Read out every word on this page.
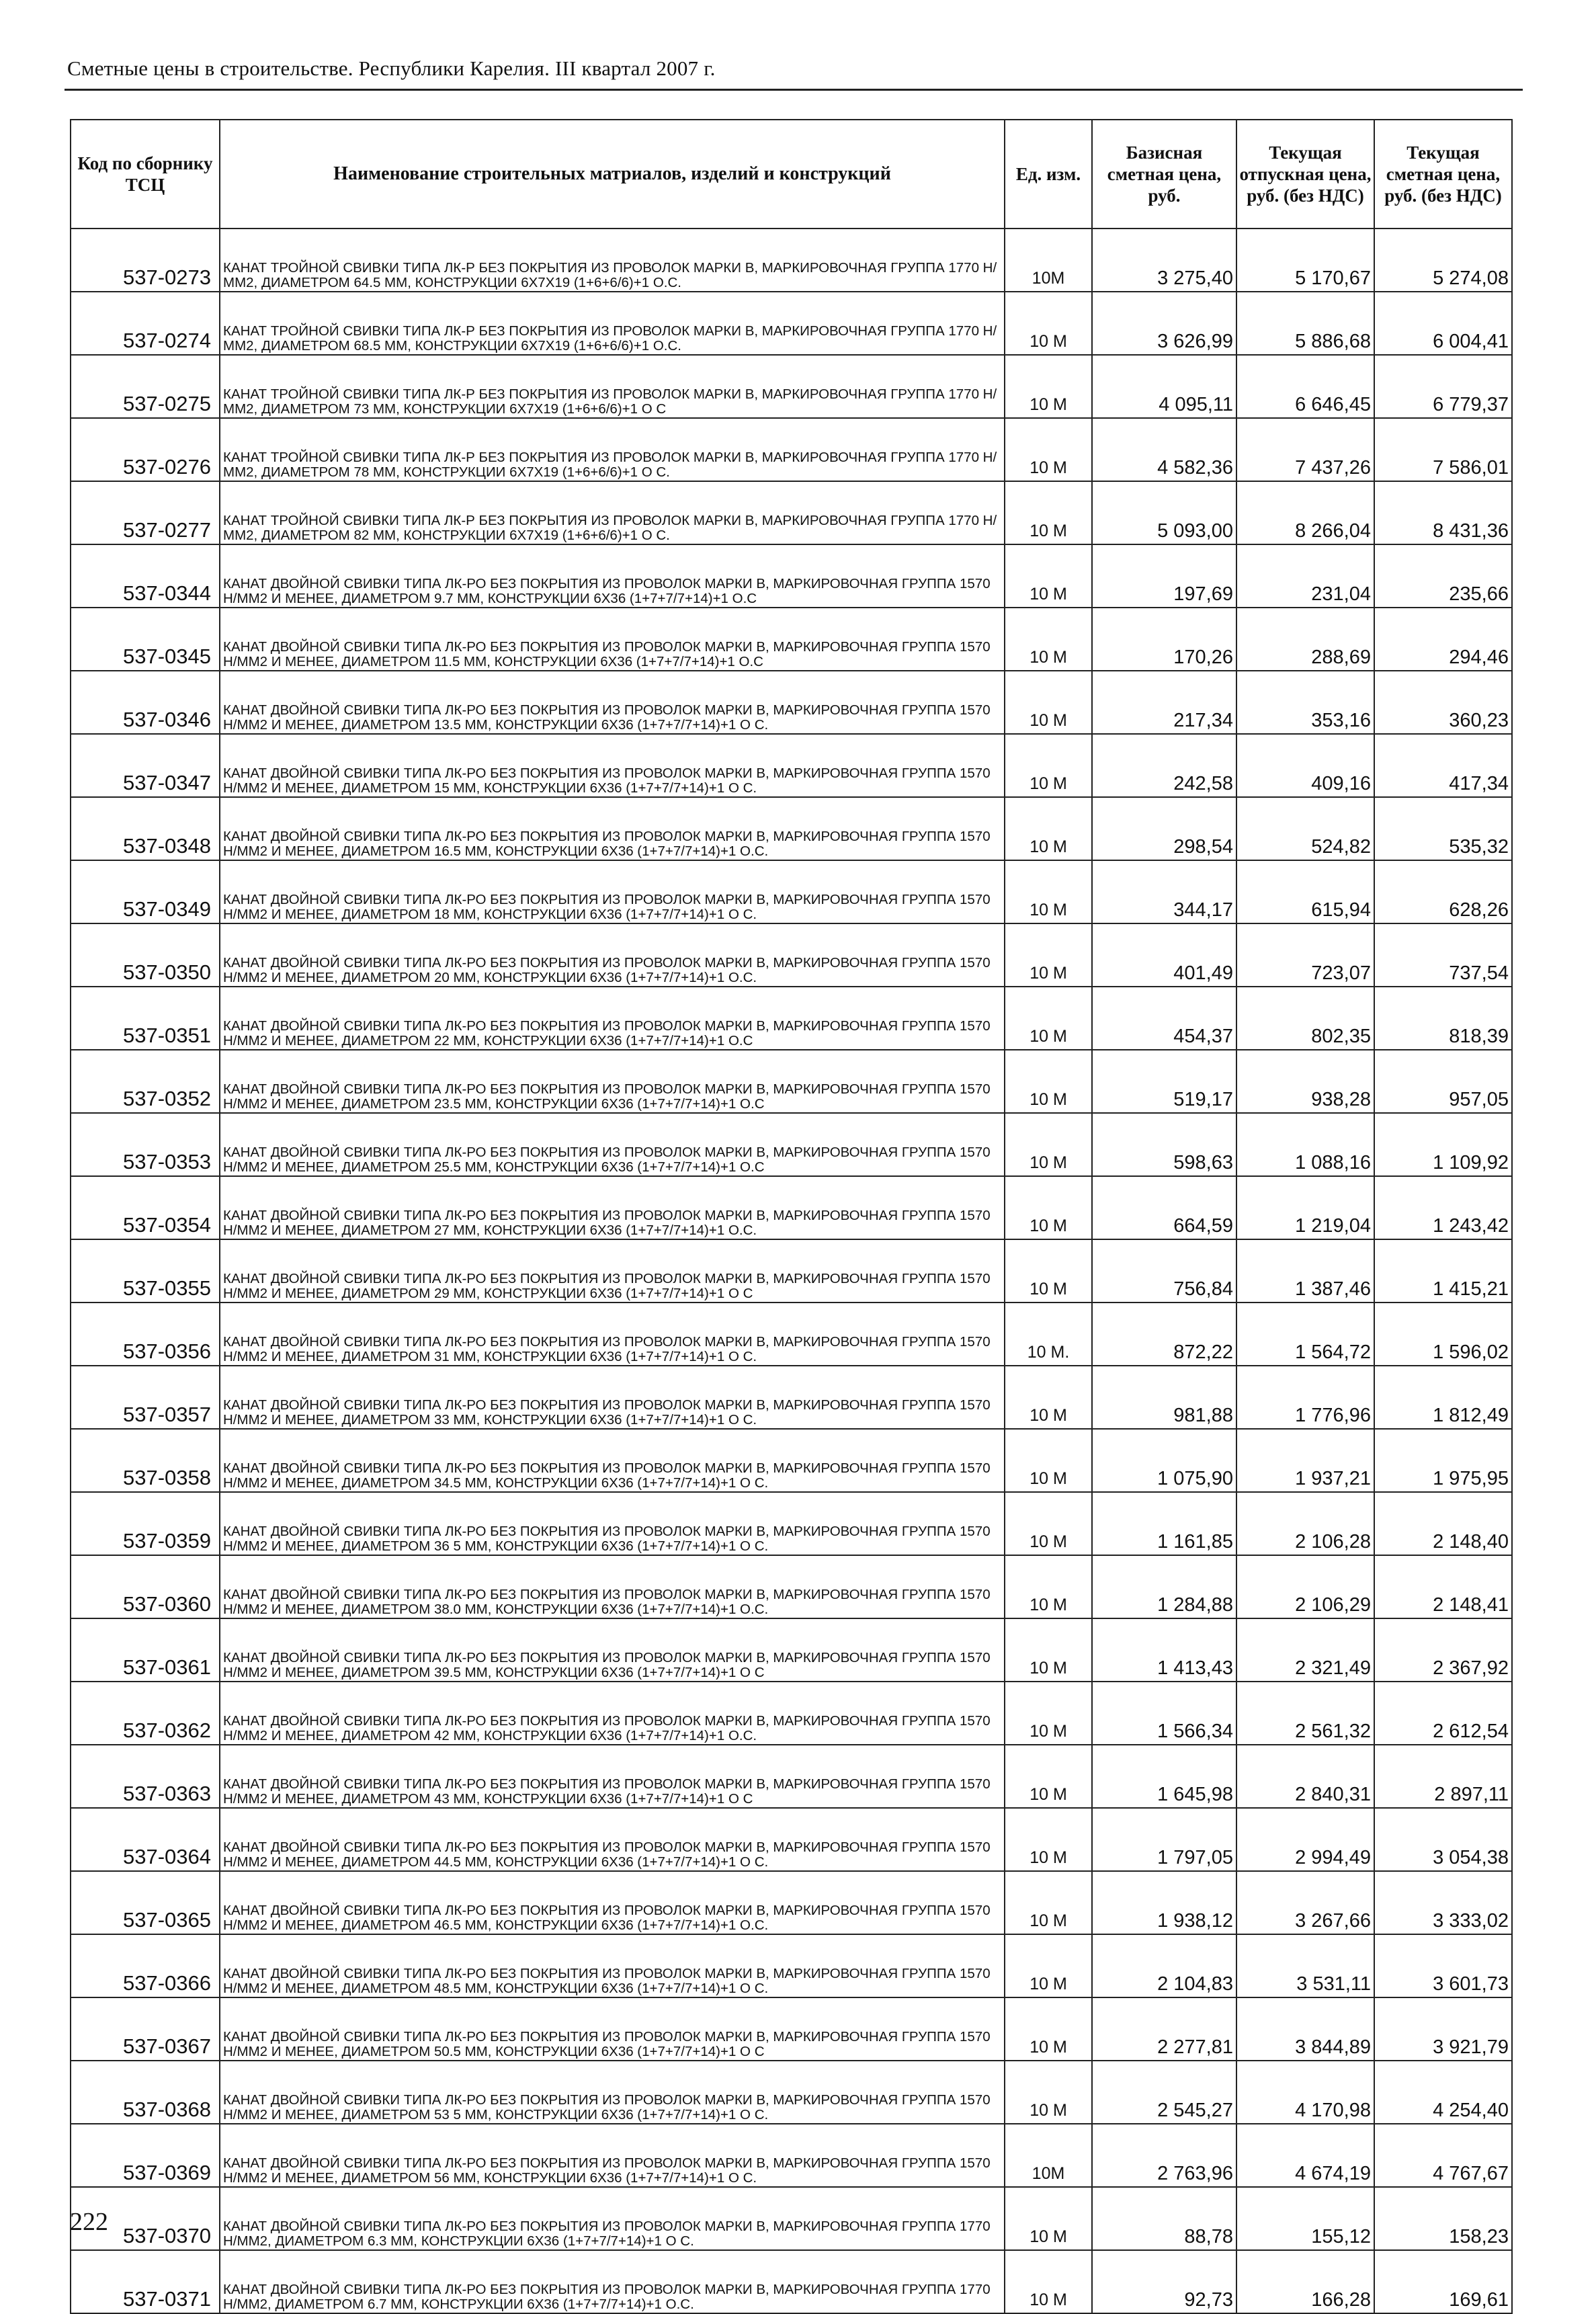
Сметные цены в строительстве. Республики Карелия. III квартал 2007 г.
Код по сборнику ТСЦ	Наименование строительных матриалов, изделий и конструкций	Ед. изм.	Базисная сметная цена, руб.	Текущая отпускная цена, руб. (без НДС)	Текущая сметная цена, руб. (без НДС)
537-0273	КАНАТ ТРОЙНОЙ СВИВКИ ТИПА ЛК-Р БЕЗ ПОКРЫТИЯ ИЗ ПРОВОЛОК МАРКИ В, МАРКИРОВОЧНАЯ ГРУППА 1770 Н/ММ2, ДИАМЕТРОМ 64.5 ММ, КОНСТРУКЦИИ 6Х7Х19 (1+6+6/6)+1 О.С.	10М	3 275,40	5 170,67	5 274,08
537-0274	КАНАТ ТРОЙНОЙ СВИВКИ ТИПА ЛК-Р БЕЗ ПОКРЫТИЯ ИЗ ПРОВОЛОК МАРКИ В, МАРКИРОВОЧНАЯ ГРУППА 1770 Н/ММ2, ДИАМЕТРОМ 68.5 ММ, КОНСТРУКЦИИ 6Х7Х19 (1+6+6/6)+1 О.С.	10 М	3 626,99	5 886,68	6 004,41
537-0275	КАНАТ ТРОЙНОЙ СВИВКИ ТИПА ЛК-Р БЕЗ ПОКРЫТИЯ ИЗ ПРОВОЛОК МАРКИ В, МАРКИРОВОЧНАЯ ГРУППА 1770 Н/ММ2, ДИАМЕТРОМ 73 ММ, КОНСТРУКЦИИ 6Х7Х19 (1+6+6/6)+1 О С	10 М	4 095,11	6 646,45	6 779,37
537-0276	КАНАТ ТРОЙНОЙ СВИВКИ ТИПА ЛК-Р БЕЗ ПОКРЫТИЯ ИЗ ПРОВОЛОК МАРКИ В, МАРКИРОВОЧНАЯ ГРУППА 1770 Н/ММ2, ДИАМЕТРОМ 78 ММ, КОНСТРУКЦИИ 6Х7Х19 (1+6+6/6)+1 О С.	10 М	4 582,36	7 437,26	7 586,01
537-0277	КАНАТ ТРОЙНОЙ СВИВКИ ТИПА ЛК-Р БЕЗ ПОКРЫТИЯ ИЗ ПРОВОЛОК МАРКИ В, МАРКИРОВОЧНАЯ ГРУППА 1770 Н/ММ2, ДИАМЕТРОМ 82 ММ, КОНСТРУКЦИИ 6Х7Х19 (1+6+6/6)+1 О С.	10 М	5 093,00	8 266,04	8 431,36
537-0344	КАНАТ ДВОЙНОЙ СВИВКИ ТИПА ЛК-РО БЕЗ ПОКРЫТИЯ ИЗ ПРОВОЛОК МАРКИ В, МАРКИРОВОЧНАЯ ГРУППА 1570 Н/ММ2 И МЕНЕЕ, ДИАМЕТРОМ 9.7 ММ, КОНСТРУКЦИИ 6Х36 (1+7+7/7+14)+1 О.С	10 М	197,69	231,04	235,66
537-0345	КАНАТ ДВОЙНОЙ СВИВКИ ТИПА ЛК-РО БЕЗ ПОКРЫТИЯ ИЗ ПРОВОЛОК МАРКИ В, МАРКИРОВОЧНАЯ ГРУППА 1570 Н/ММ2 И МЕНЕЕ, ДИАМЕТРОМ 11.5 ММ, КОНСТРУКЦИИ 6Х36 (1+7+7/7+14)+1 О.С	10 М	170,26	288,69	294,46
537-0346	КАНАТ ДВОЙНОЙ СВИВКИ ТИПА ЛК-РО БЕЗ ПОКРЫТИЯ ИЗ ПРОВОЛОК МАРКИ В, МАРКИРОВОЧНАЯ ГРУППА 1570 Н/ММ2 И МЕНЕЕ, ДИАМЕТРОМ 13.5 ММ, КОНСТРУКЦИИ 6Х36 (1+7+7/7+14)+1 О С.	10 М	217,34	353,16	360,23
537-0347	КАНАТ ДВОЙНОЙ СВИВКИ ТИПА ЛК-РО БЕЗ ПОКРЫТИЯ ИЗ ПРОВОЛОК МАРКИ В, МАРКИРОВОЧНАЯ ГРУППА 1570 Н/ММ2 И МЕНЕЕ, ДИАМЕТРОМ 15 ММ, КОНСТРУКЦИИ 6Х36 (1+7+7/7+14)+1 О С.	10 М	242,58	409,16	417,34
537-0348	КАНАТ ДВОЙНОЙ СВИВКИ ТИПА ЛК-РО БЕЗ ПОКРЫТИЯ ИЗ ПРОВОЛОК МАРКИ В, МАРКИРОВОЧНАЯ ГРУППА 1570 Н/ММ2 И МЕНЕЕ, ДИАМЕТРОМ 16.5 ММ, КОНСТРУКЦИИ 6Х36 (1+7+7/7+14)+1 О.С.	10 М	298,54	524,82	535,32
537-0349	КАНАТ ДВОЙНОЙ СВИВКИ ТИПА ЛК-РО БЕЗ ПОКРЫТИЯ ИЗ ПРОВОЛОК МАРКИ В, МАРКИРОВОЧНАЯ ГРУППА 1570 Н/ММ2 И МЕНЕЕ, ДИАМЕТРОМ 18 ММ, КОНСТРУКЦИИ 6Х36 (1+7+7/7+14)+1 О С.	10 М	344,17	615,94	628,26
537-0350	КАНАТ ДВОЙНОЙ СВИВКИ ТИПА ЛК-РО БЕЗ ПОКРЫТИЯ ИЗ ПРОВОЛОК МАРКИ В, МАРКИРОВОЧНАЯ ГРУППА 1570 Н/ММ2 И МЕНЕЕ, ДИАМЕТРОМ 20 ММ, КОНСТРУКЦИИ 6Х36 (1+7+7/7+14)+1 О.С.	10 М	401,49	723,07	737,54
537-0351	КАНАТ ДВОЙНОЙ СВИВКИ ТИПА ЛК-РО БЕЗ ПОКРЫТИЯ ИЗ ПРОВОЛОК МАРКИ В, МАРКИРОВОЧНАЯ ГРУППА 1570 Н/ММ2 И МЕНЕЕ, ДИАМЕТРОМ 22 ММ, КОНСТРУКЦИИ 6Х36 (1+7+7/7+14)+1 О.С	10 М	454,37	802,35	818,39
537-0352	КАНАТ ДВОЙНОЙ СВИВКИ ТИПА ЛК-РО БЕЗ ПОКРЫТИЯ ИЗ ПРОВОЛОК МАРКИ В, МАРКИРОВОЧНАЯ ГРУППА 1570 Н/ММ2 И МЕНЕЕ, ДИАМЕТРОМ 23.5 ММ, КОНСТРУКЦИИ 6Х36 (1+7+7/7+14)+1 О.С	10 М	519,17	938,28	957,05
537-0353	КАНАТ ДВОЙНОЙ СВИВКИ ТИПА ЛК-РО БЕЗ ПОКРЫТИЯ ИЗ ПРОВОЛОК МАРКИ В, МАРКИРОВОЧНАЯ ГРУППА 1570 Н/ММ2 И МЕНЕЕ, ДИАМЕТРОМ 25.5 ММ, КОНСТРУКЦИИ 6Х36 (1+7+7/7+14)+1 О.С	10 М	598,63	1 088,16	1 109,92
537-0354	КАНАТ ДВОЙНОЙ СВИВКИ ТИПА ЛК-РО БЕЗ ПОКРЫТИЯ ИЗ ПРОВОЛОК МАРКИ В, МАРКИРОВОЧНАЯ ГРУППА 1570 Н/ММ2 И МЕНЕЕ, ДИАМЕТРОМ 27 ММ, КОНСТРУКЦИИ 6Х36 (1+7+7/7+14)+1 О.С.	10 М	664,59	1 219,04	1 243,42
537-0355	КАНАТ ДВОЙНОЙ СВИВКИ ТИПА ЛК-РО БЕЗ ПОКРЫТИЯ ИЗ ПРОВОЛОК МАРКИ В, МАРКИРОВОЧНАЯ ГРУППА 1570 Н/ММ2 И МЕНЕЕ, ДИАМЕТРОМ 29 ММ, КОНСТРУКЦИИ 6Х36 (1+7+7/7+14)+1 О С	10 М	756,84	1 387,46	1 415,21
537-0356	КАНАТ ДВОЙНОЙ СВИВКИ ТИПА ЛК-РО БЕЗ ПОКРЫТИЯ ИЗ ПРОВОЛОК МАРКИ В, МАРКИРОВОЧНАЯ ГРУППА 1570 Н/ММ2 И МЕНЕЕ, ДИАМЕТРОМ 31 ММ, КОНСТРУКЦИИ 6Х36 (1+7+7/7+14)+1 О С.	10 М.	872,22	1 564,72	1 596,02
537-0357	КАНАТ ДВОЙНОЙ СВИВКИ ТИПА ЛК-РО БЕЗ ПОКРЫТИЯ ИЗ ПРОВОЛОК МАРКИ В, МАРКИРОВОЧНАЯ ГРУППА 1570 Н/ММ2 И МЕНЕЕ, ДИАМЕТРОМ 33 ММ, КОНСТРУКЦИИ 6Х36 (1+7+7/7+14)+1 О С.	10 М	981,88	1 776,96	1 812,49
537-0358	КАНАТ ДВОЙНОЙ СВИВКИ ТИПА ЛК-РО БЕЗ ПОКРЫТИЯ ИЗ ПРОВОЛОК МАРКИ В, МАРКИРОВОЧНАЯ ГРУППА 1570 Н/ММ2 И МЕНЕЕ, ДИАМЕТРОМ 34.5 ММ, КОНСТРУКЦИИ 6Х36 (1+7+7/7+14)+1 О С.	10 М	1 075,90	1 937,21	1 975,95
537-0359	КАНАТ ДВОЙНОЙ СВИВКИ ТИПА ЛК-РО БЕЗ ПОКРЫТИЯ ИЗ ПРОВОЛОК МАРКИ В, МАРКИРОВОЧНАЯ ГРУППА 1570 Н/ММ2 И МЕНЕЕ, ДИАМЕТРОМ 36 5 ММ, КОНСТРУКЦИИ 6Х36 (1+7+7/7+14)+1 О С.	10 М	1 161,85	2 106,28	2 148,40
537-0360	КАНАТ ДВОЙНОЙ СВИВКИ ТИПА ЛК-РО БЕЗ ПОКРЫТИЯ ИЗ ПРОВОЛОК МАРКИ В, МАРКИРОВОЧНАЯ ГРУППА 1570 Н/ММ2 И МЕНЕЕ, ДИАМЕТРОМ 38.0 ММ, КОНСТРУКЦИИ 6Х36 (1+7+7/7+14)+1 О.С.	10 М	1 284,88	2 106,29	2 148,41
537-0361	КАНАТ ДВОЙНОЙ СВИВКИ ТИПА ЛК-РО БЕЗ ПОКРЫТИЯ ИЗ ПРОВОЛОК МАРКИ В, МАРКИРОВОЧНАЯ ГРУППА 1570 Н/ММ2 И МЕНЕЕ, ДИАМЕТРОМ 39.5 ММ, КОНСТРУКЦИИ 6Х36 (1+7+7/7+14)+1 О С	10 М	1 413,43	2 321,49	2 367,92
537-0362	КАНАТ ДВОЙНОЙ СВИВКИ ТИПА ЛК-РО БЕЗ ПОКРЫТИЯ ИЗ ПРОВОЛОК МАРКИ В, МАРКИРОВОЧНАЯ ГРУППА 1570 Н/ММ2 И МЕНЕЕ, ДИАМЕТРОМ 42 ММ, КОНСТРУКЦИИ 6Х36 (1+7+7/7+14)+1 О.С.	10 М	1 566,34	2 561,32	2 612,54
537-0363	КАНАТ ДВОЙНОЙ СВИВКИ ТИПА ЛК-РО БЕЗ ПОКРЫТИЯ ИЗ ПРОВОЛОК МАРКИ В, МАРКИРОВОЧНАЯ ГРУППА 1570 Н/ММ2 И МЕНЕЕ, ДИАМЕТРОМ 43 ММ, КОНСТРУКЦИИ 6Х36 (1+7+7/7+14)+1 О С	10 М	1 645,98	2 840,31	2 897,11
537-0364	КАНАТ ДВОЙНОЙ СВИВКИ ТИПА ЛК-РО БЕЗ ПОКРЫТИЯ ИЗ ПРОВОЛОК МАРКИ В, МАРКИРОВОЧНАЯ ГРУППА 1570 Н/ММ2 И МЕНЕЕ, ДИАМЕТРОМ 44.5 ММ, КОНСТРУКЦИИ 6Х36 (1+7+7/7+14)+1 О С.	10 М	1 797,05	2 994,49	3 054,38
537-0365	КАНАТ ДВОЙНОЙ СВИВКИ ТИПА ЛК-РО БЕЗ ПОКРЫТИЯ ИЗ ПРОВОЛОК МАРКИ В, МАРКИРОВОЧНАЯ ГРУППА 1570 Н/ММ2 И МЕНЕЕ, ДИАМЕТРОМ 46.5 ММ, КОНСТРУКЦИИ 6Х36 (1+7+7/7+14)+1 О.С.	10 М	1 938,12	3 267,66	3 333,02
537-0366	КАНАТ ДВОЙНОЙ СВИВКИ ТИПА ЛК-РО БЕЗ ПОКРЫТИЯ ИЗ ПРОВОЛОК МАРКИ В, МАРКИРОВОЧНАЯ ГРУППА 1570 Н/ММ2 И МЕНЕЕ, ДИАМЕТРОМ 48.5 ММ, КОНСТРУКЦИИ 6Х36 (1+7+7/7+14)+1 О С.	10 М	2 104,83	3 531,11	3 601,73
537-0367	КАНАТ ДВОЙНОЙ СВИВКИ ТИПА ЛК-РО БЕЗ ПОКРЫТИЯ ИЗ ПРОВОЛОК МАРКИ В, МАРКИРОВОЧНАЯ ГРУППА 1570 Н/ММ2 И МЕНЕЕ, ДИАМЕТРОМ 50.5 ММ, КОНСТРУКЦИИ 6Х36 (1+7+7/7+14)+1 О С	10 М	2 277,81	3 844,89	3 921,79
537-0368	КАНАТ ДВОЙНОЙ СВИВКИ ТИПА ЛК-РО БЕЗ ПОКРЫТИЯ ИЗ ПРОВОЛОК МАРКИ В, МАРКИРОВОЧНАЯ ГРУППА 1570 Н/ММ2 И МЕНЕЕ, ДИАМЕТРОМ 53 5 ММ, КОНСТРУКЦИИ 6Х36 (1+7+7/7+14)+1 О С.	10 М	2 545,27	4 170,98	4 254,40
537-0369	КАНАТ ДВОЙНОЙ СВИВКИ ТИПА ЛК-РО БЕЗ ПОКРЫТИЯ ИЗ ПРОВОЛОК МАРКИ В, МАРКИРОВОЧНАЯ ГРУППА 1570 Н/ММ2 И МЕНЕЕ, ДИАМЕТРОМ 56 ММ, КОНСТРУКЦИИ 6Х36 (1+7+7/7+14)+1 О С.	10М	2 763,96	4 674,19	4 767,67
537-0370	КАНАТ ДВОЙНОЙ СВИВКИ ТИПА ЛК-РО БЕЗ ПОКРЫТИЯ ИЗ ПРОВОЛОК МАРКИ В, МАРКИРОВОЧНАЯ ГРУППА 1770 Н/ММ2, ДИАМЕТРОМ 6.3 ММ, КОНСТРУКЦИИ 6Х36 (1+7+7/7+14)+1 О С.	10 М	88,78	155,12	158,23
537-0371	КАНАТ ДВОЙНОЙ СВИВКИ ТИПА ЛК-РО БЕЗ ПОКРЫТИЯ ИЗ ПРОВОЛОК МАРКИ В, МАРКИРОВОЧНАЯ ГРУППА 1770 Н/ММ2, ДИАМЕТРОМ 6.7 ММ, КОНСТРУКЦИИ 6Х36 (1+7+7/7+14)+1 О.С.	10 М	92,73	166,28	169,61
222
